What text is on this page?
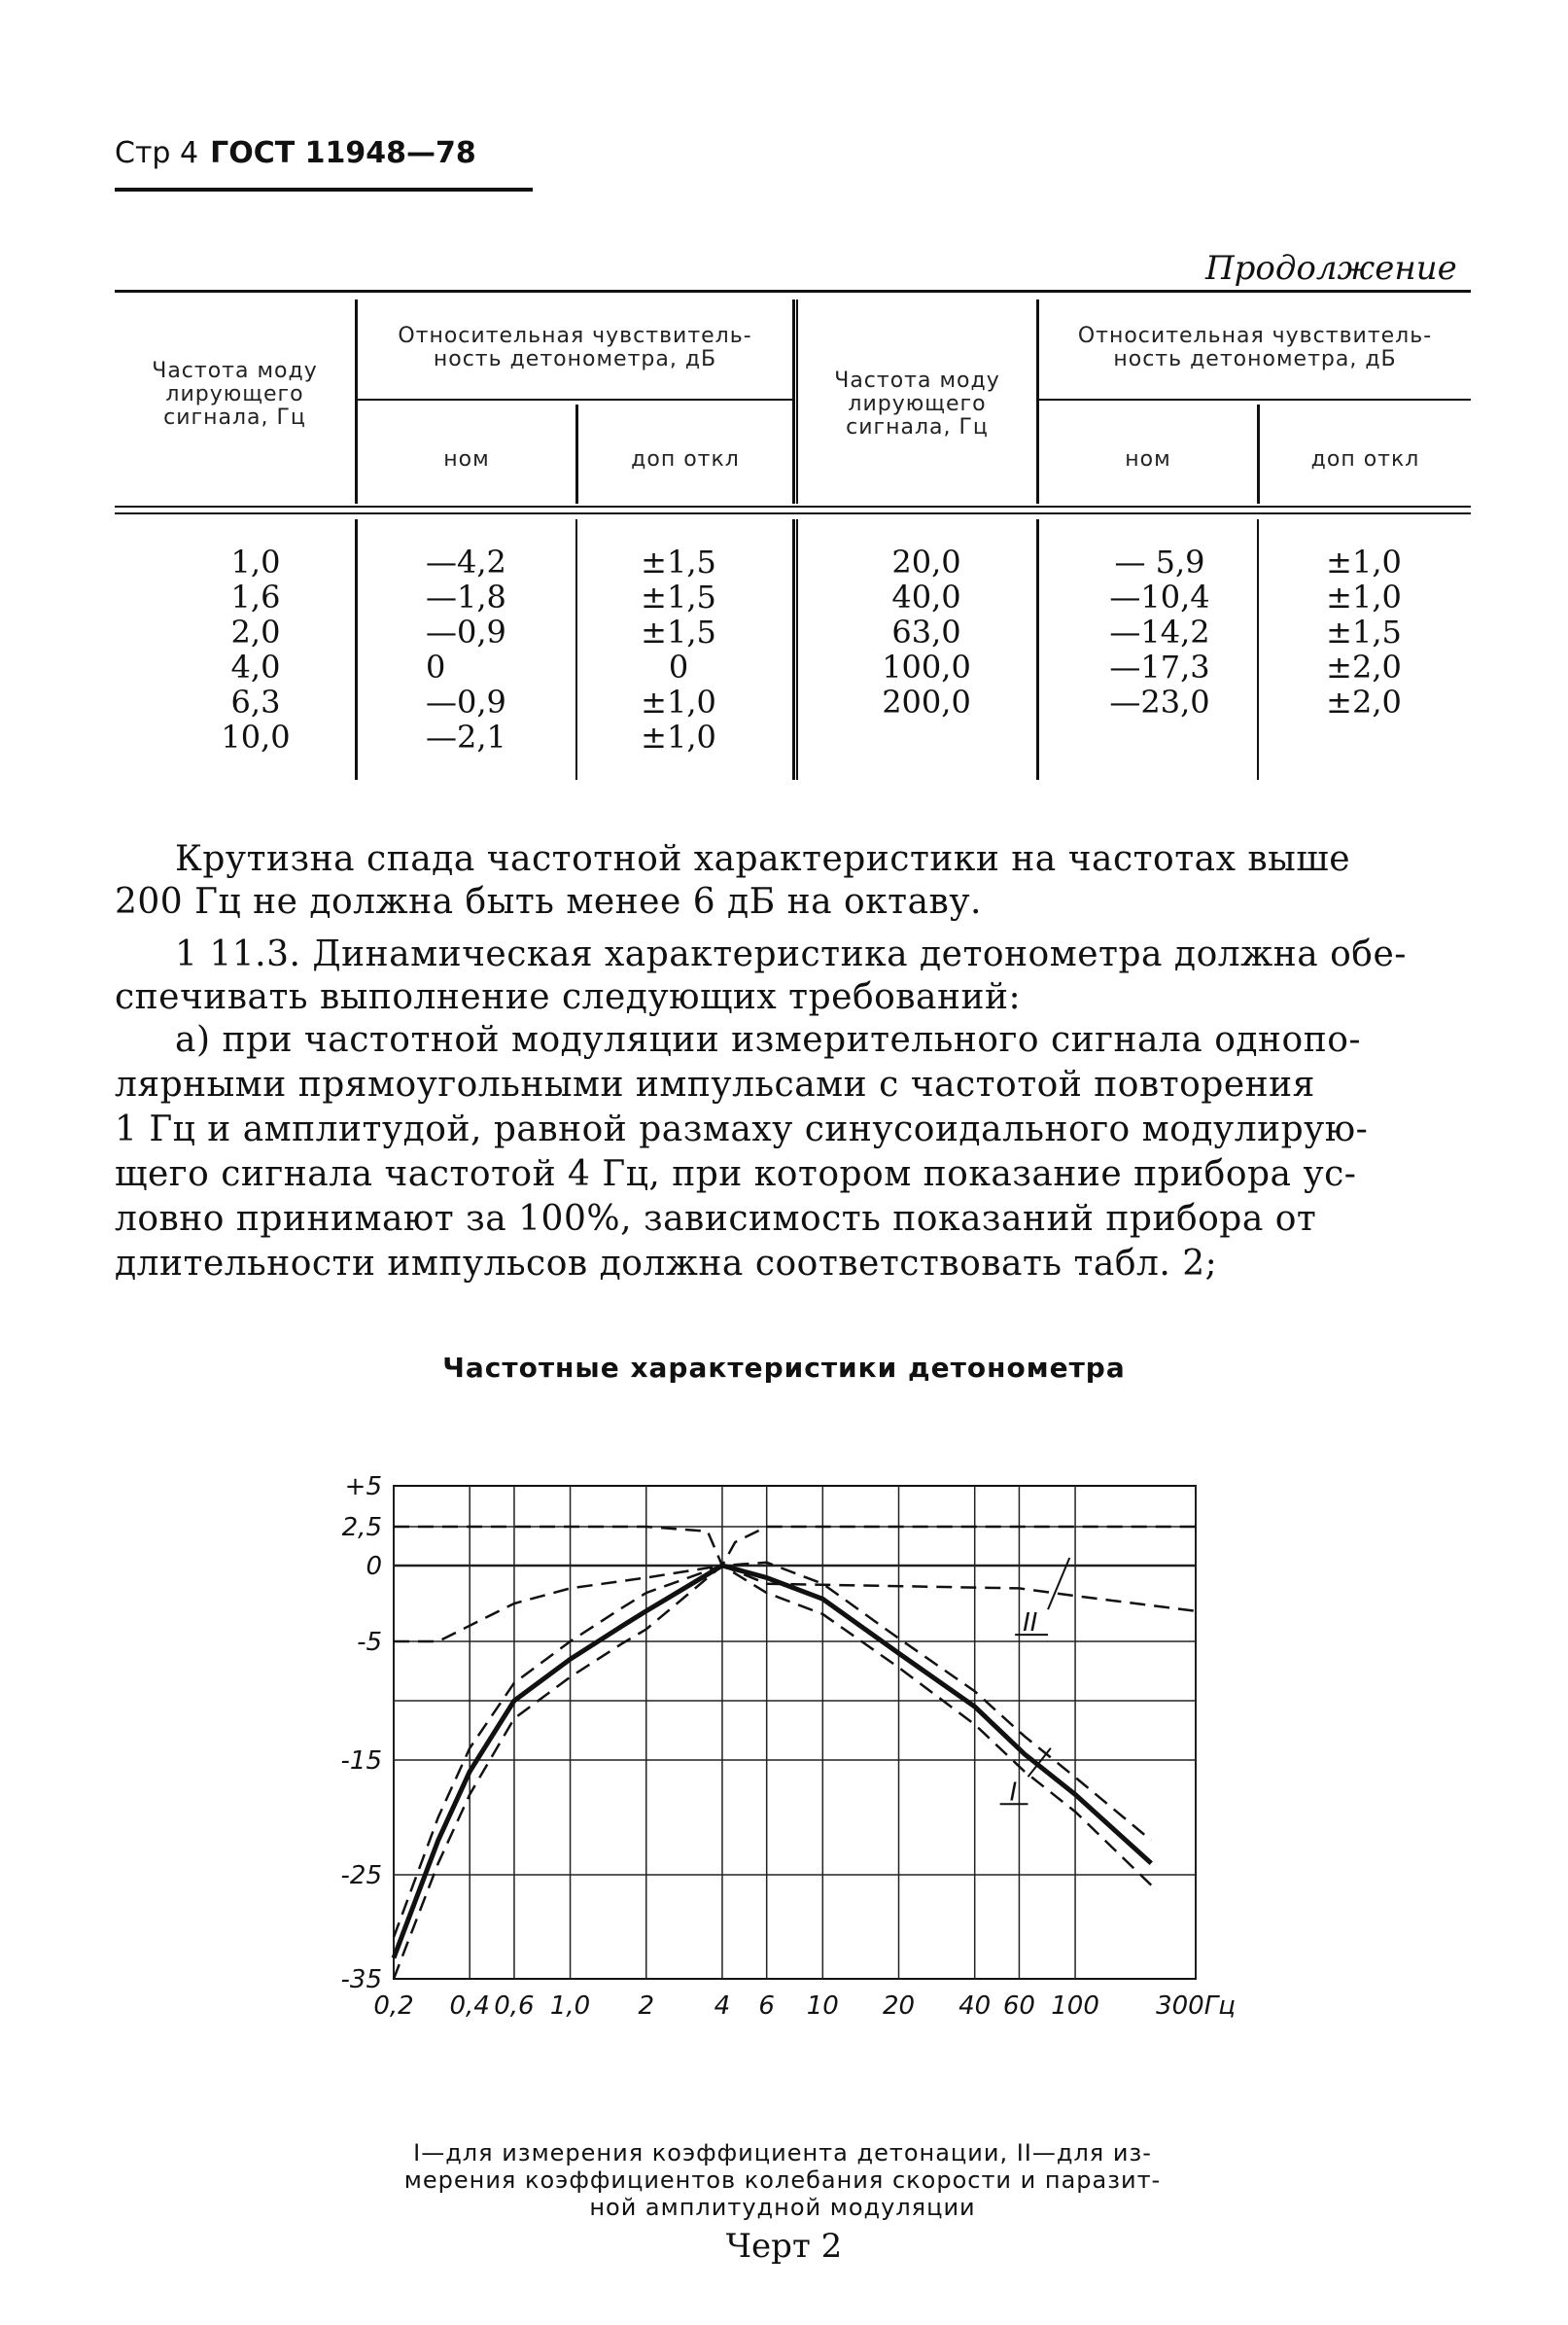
Стр 4 ГОСТ 11948—78
Продолжение
Частота моду
лирующего
сигнала, Гц
Относительная чувствитель-
ность детонометра, дБ
ном	доп откл
Частота моду
лирующего
сигнала, Гц
Относительная чувствитель-
ность детонометра, дБ
ном	доп откл
1,0
1,6
2,0
4,0
6,3
10,0
—4,2
—1,8
—0,9
0
—0,9
—2,1
±1,5
±1,5
±1,5
0
±1,0
±1,0
20,0
40,0
63,0
100,0
200,0
— 5,9
—10,4
—14,2
—17,3
—23,0
±1,0
±1,0
±1,5
±2,0
±2,0
Крутизна спада частотной характеристики на частотах выше
200 Гц не должна быть менее 6 дБ на октаву.
1 11.3. Динамическая характеристика детонометра должна обе-
спечивать выполнение следующих требований:
а) при частотной модуляции измерительного сигнала однопо-
лярными прямоугольными импульсами с частотой повторения
1 Гц и амплитудой, равной размаху синусоидального модулирую-
щего сигнала частотой 4 Гц, при котором показание прибора ус-
ловно принимают за 100%, зависимость показаний прибора от
длительности импульсов должна соответствовать табл. 2;
Частотные характеристики детонометра
+5
2,5
0
-5
-15
-25
-35
0,2 0,4 0,6 1,0 2 4 6 10 20 40 60 100 300Гц
I
II
I—для измерения коэффициента детонации, II—для из-
мерения коэффициентов колебания скорости и паразит-
ной амплитудной модуляции
Черт 2
